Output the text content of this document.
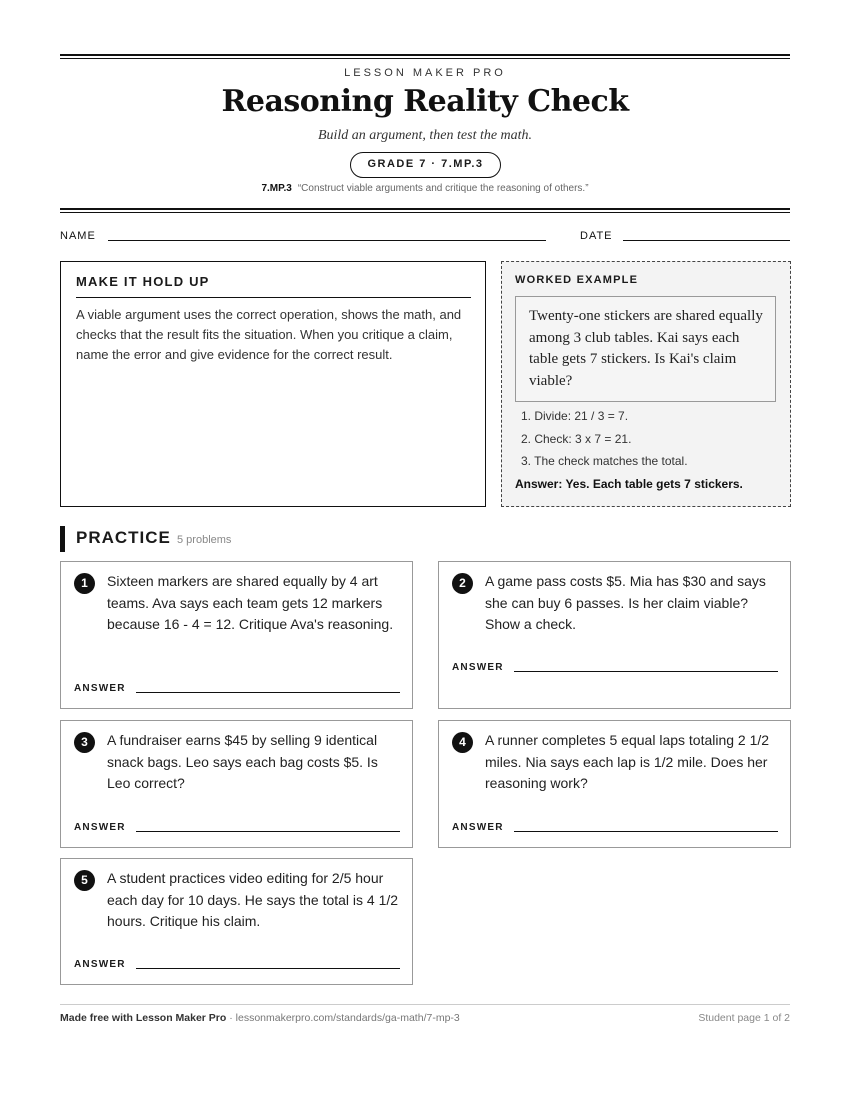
LESSON MAKER PRO
Reasoning Reality Check
Build an argument, then test the math.
GRADE 7 · 7.MP.3
7.MP.3 “Construct viable arguments and critique the reasoning of others.”
NAME	DATE
MAKE IT HOLD UP
A viable argument uses the correct operation, shows the math, and checks that the result fits the situation. When you critique a claim, name the error and give evidence for the correct result.
WORKED EXAMPLE
Twenty-one stickers are shared equally among 3 club tables. Kai says each table gets 7 stickers. Is Kai's claim viable?
1. Divide: 21 / 3 = 7.
2. Check: 3 x 7 = 21.
3. The check matches the total.
Answer: Yes. Each table gets 7 stickers.
PRACTICE 5 problems
1	Sixteen markers are shared equally by 4 art teams. Ava says each team gets 12 markers because 16 - 4 = 12. Critique Ava's reasoning.
ANSWER
2	A game pass costs $5. Mia has $30 and says she can buy 6 passes. Is her claim viable? Show a check.
ANSWER
3	A fundraiser earns $45 by selling 9 identical snack bags. Leo says each bag costs $5. Is Leo correct?
ANSWER
4	A runner completes 5 equal laps totaling 2 1/2 miles. Nia says each lap is 1/2 mile. Does her reasoning work?
ANSWER
5	A student practices video editing for 2/5 hour each day for 10 days. He says the total is 4 1/2 hours. Critique his claim.
ANSWER
Made free with Lesson Maker Pro · lessonmakerpro.com/standards/ga-math/7-mp-3	Student page 1 of 2
